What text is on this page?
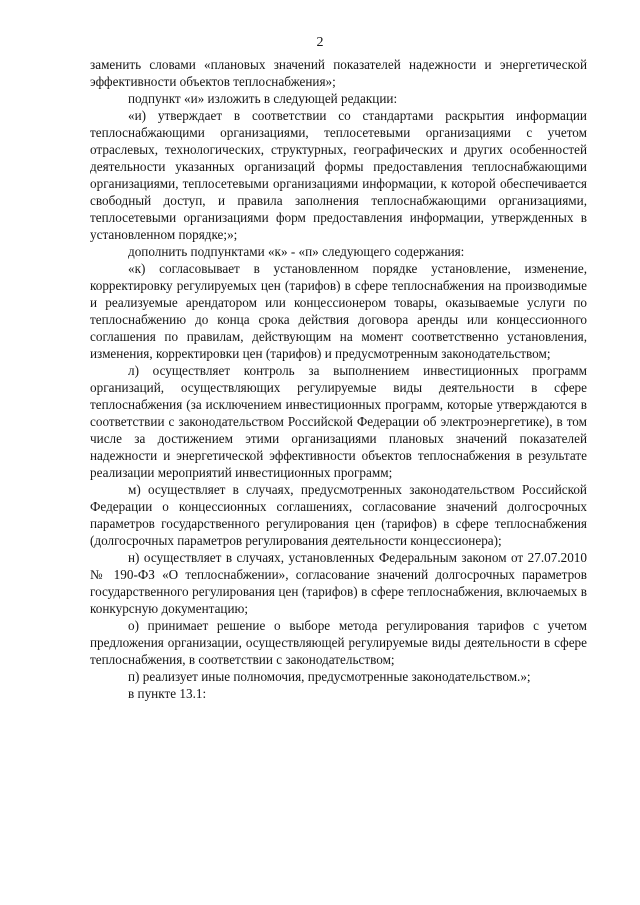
2

заменить словами «плановых значений показателей надежности и энергетической эффективности объектов теплоснабжения»;

подпункт «и» изложить в следующей редакции:

«и) утверждает в соответствии со стандартами раскрытия информации теплоснабжающими организациями, теплосетевыми организациями с учетом отраслевых, технологических, структурных, географических и других особенностей деятельности указанных организаций формы предоставления теплоснабжающими организациями, теплосетевыми организациями информации, к которой обеспечивается свободный доступ, и правила заполнения теплоснабжающими организациями, теплосетевыми организациями форм предоставления информации, утвержденных в установленном порядке;»;

дополнить подпунктами «к» - «п» следующего содержания:

«к) согласовывает в установленном порядке установление, изменение, корректировку регулируемых цен (тарифов) в сфере теплоснабжения на производимые и реализуемые арендатором или концессионером товары, оказываемые услуги по теплоснабжению до конца срока действия договора аренды или концессионного соглашения по правилам, действующим на момент соответственно установления, изменения, корректировки цен (тарифов) и предусмотренным законодательством;

л) осуществляет контроль за выполнением инвестиционных программ организаций, осуществляющих регулируемые виды деятельности в сфере теплоснабжения (за исключением инвестиционных программ, которые утверждаются в соответствии с законодательством Российской Федерации об электроэнергетике), в том числе за достижением этими организациями плановых значений показателей надежности и энергетической эффективности объектов теплоснабжения в результате реализации мероприятий инвестиционных программ;

м) осуществляет в случаях, предусмотренных законодательством Российской Федерации о концессионных соглашениях, согласование значений долгосрочных параметров государственного регулирования цен (тарифов) в сфере теплоснабжения (долгосрочных параметров регулирования деятельности концессионера);

н) осуществляет в случаях, установленных Федеральным законом от 27.07.2010 № 190-ФЗ «О теплоснабжении», согласование значений долгосрочных параметров государственного регулирования цен (тарифов) в сфере теплоснабжения, включаемых в конкурсную документацию;

о) принимает решение о выборе метода регулирования тарифов с учетом предложения организации, осуществляющей регулируемые виды деятельности в сфере теплоснабжения, в соответствии с законодательством;

п) реализует иные полномочия, предусмотренные законодательством.»;

в пункте 13.1:
